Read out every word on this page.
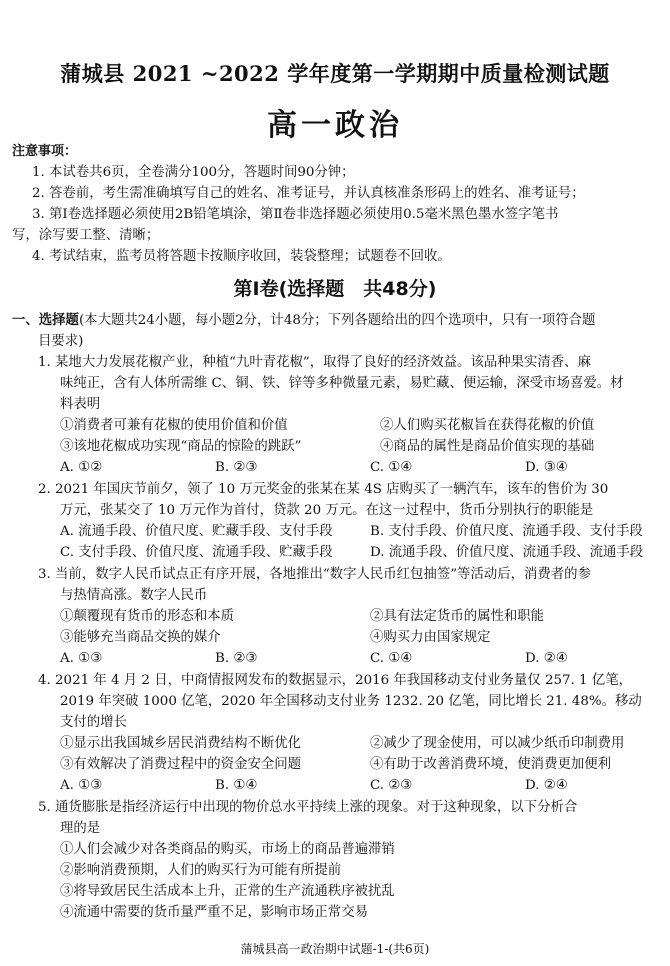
蒲城县 2021 ~2022 学年度第一学期期中质量检测试题
高一政治
注意事项：
1. 本试卷共6页，全卷满分100分，答题时间90分钟；
2. 答卷前，考生需准确填写自己的姓名、准考证号，并认真核准条形码上的姓名、准考证号；
3. 第Ⅰ卷选择题必须使用2B铅笔填涂，第Ⅱ卷非选择题必须使用0.5毫米黑色墨水签字笔书
写，涂写要工整、清晰；
4. 考试结束，监考员将答题卡按顺序收回，装袋整理；试题卷不回收。
第Ⅰ卷(选择题　共48分)
一、选择题(本大题共24小题，每小题2分，计48分；下列各题给出的四个选项中，只有一项符合题
目要求)
1. 某地大力发展花椒产业，种植“九叶青花椒”，取得了良好的经济效益。该品种果实清香、麻
味纯正，含有人体所需维 C、铜、铁、锌等多种微量元素，易贮藏、便运输，深受市场喜爱。材
料表明
①消费者可兼有花椒的使用价值和价值	②人们购买花椒旨在获得花椒的价值
③该地花椒成功实现“商品的惊险的跳跃”	④商品的属性是商品价值实现的基础
A. ①②	B. ②③	C. ①④	D. ③④
2. 2021 年国庆节前夕，领了 10 万元奖金的张某在某 4S 店购买了一辆汽车，该车的售价为 30
万元，张某交了 10 万元作为首付，贷款 20 万元。在这一过程中，货币分别执行的职能是
A. 流通手段、价值尺度、贮藏手段、支付手段	B. 支付手段、价值尺度、流通手段、支付手段
C. 支付手段、价值尺度、流通手段、贮藏手段	D. 流通手段、价值尺度、流通手段、流通手段
3. 当前，数字人民币试点正有序开展，各地推出“数字人民币红包抽签”等活动后，消费者的参
与热情高涨。数字人民币
①颠覆现有货币的形态和本质	②具有法定货币的属性和职能
③能够充当商品交换的媒介	④购买力由国家规定
A. ①③	B. ②③	C. ①④	D. ②④
4. 2021 年 4 月 2 日，中商情报网发布的数据显示，2016 年我国移动支付业务量仅 257. 1 亿笔，
2019 年突破 1000 亿笔，2020 年全国移动支付业务 1232. 20 亿笔，同比增长 21. 48%。移动
支付的增长
①显示出我国城乡居民消费结构不断优化	②减少了现金使用，可以减少纸币印制费用
③有效解决了消费过程中的资金安全问题	④有助于改善消费环境，使消费更加便利
A. ①③	B. ①④	C. ②③	D. ②④
5. 通货膨胀是指经济运行中出现的物价总水平持续上涨的现象。对于这种现象，以下分析合
理的是
①人们会减少对各类商品的购买，市场上的商品普遍滞销
②影响消费预期，人们的购买行为可能有所提前
③将导致居民生活成本上升，正常的生产流通秩序被扰乱
④流通中需要的货币量严重不足，影响市场正常交易
蒲城县高一政治期中试题-1-(共6页)
